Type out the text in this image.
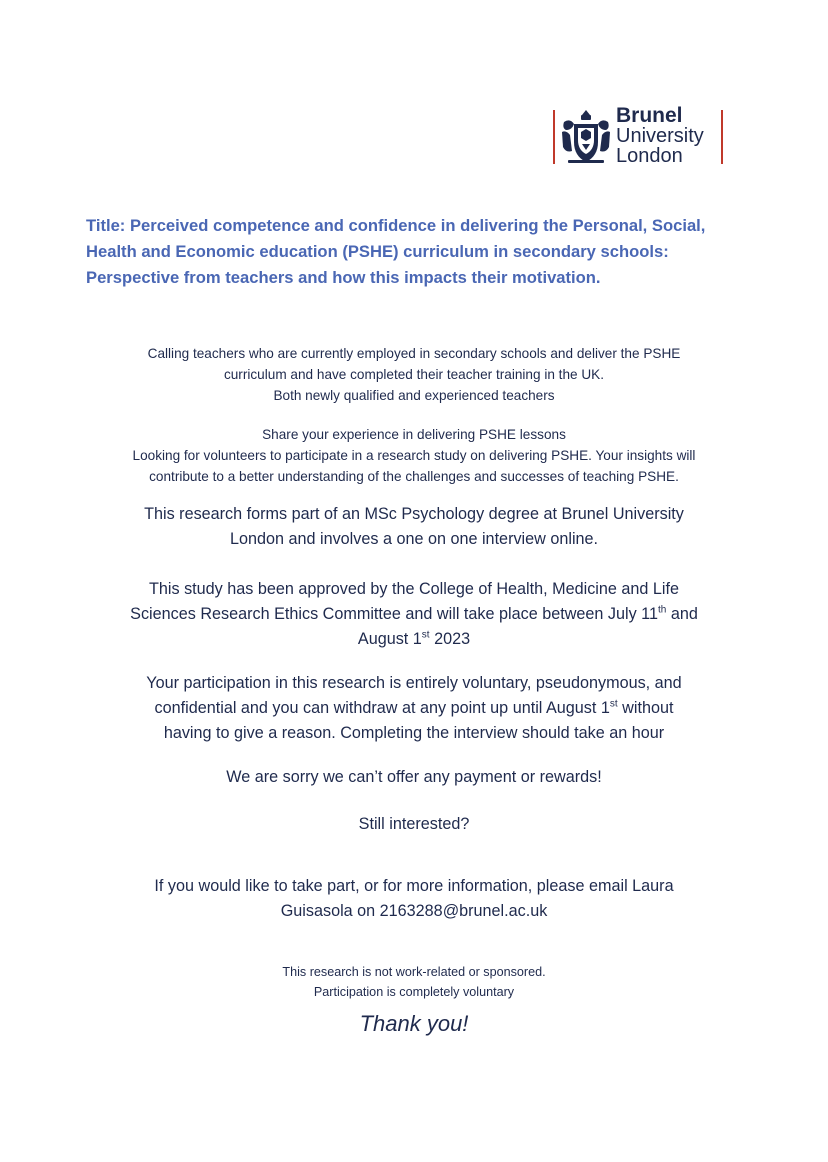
Brunel
University
London
Title: Perceived competence and confidence in delivering the Personal, Social,
Health and Economic education (PSHE) curriculum in secondary schools:
Perspective from teachers and how this impacts their motivation.
Calling teachers who are currently employed in secondary schools and deliver the PSHE
curriculum and have completed their teacher training in the UK.
Both newly qualified and experienced teachers
Share your experience in delivering PSHE lessons
Looking for volunteers to participate in a research study on delivering PSHE. Your insights will
contribute to a better understanding of the challenges and successes of teaching PSHE.
This research forms part of an MSc Psychology degree at Brunel University
London and involves a one on one interview online.
This study has been approved by the College of Health, Medicine and Life
Sciences Research Ethics Committee and will take place between July 11th and
August 1st 2023
Your participation in this research is entirely voluntary, pseudonymous, and
confidential and you can withdraw at any point up until August 1st without
having to give a reason. Completing the interview should take an hour
We are sorry we can’t offer any payment or rewards!
Still interested?
If you would like to take part, or for more information, please email Laura
Guisasola on 2163288@brunel.ac.uk
This research is not work-related or sponsored.
Participation is completely voluntary
Thank you!
